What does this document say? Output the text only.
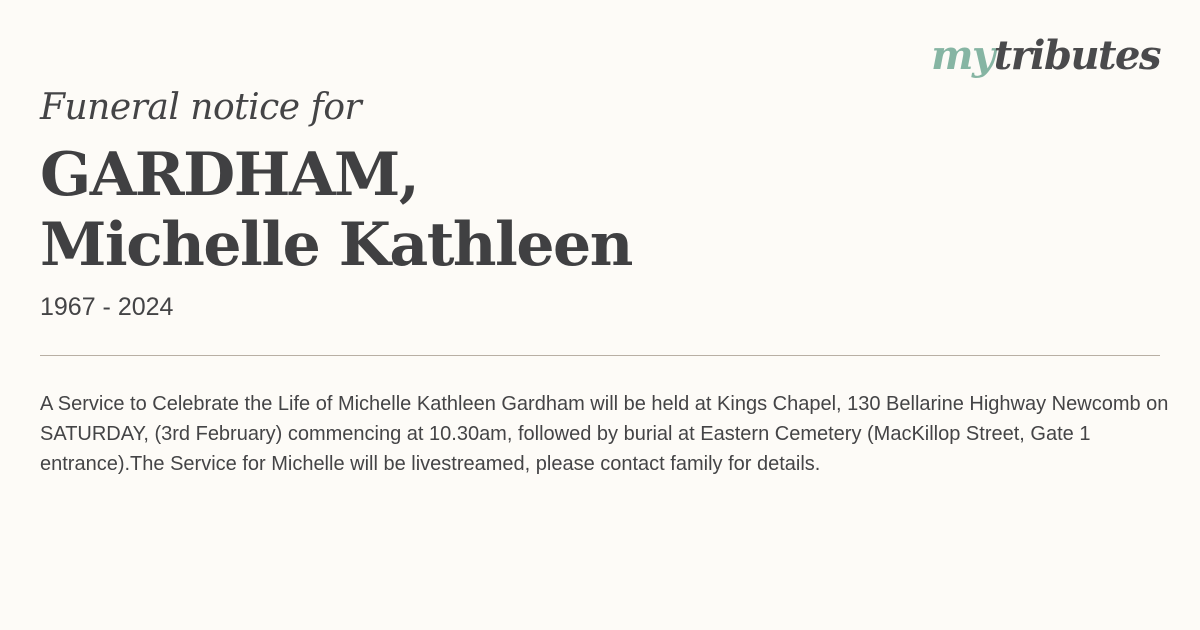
mytributes

Funeral notice for

GARDHAM,
Michelle Kathleen

1967 - 2024

A Service to Celebrate the Life of Michelle Kathleen Gardham will be held at Kings Chapel, 130 Bellarine Highway Newcomb on SATURDAY, (3rd February) commencing at 10.30am, followed by burial at Eastern Cemetery (MacKillop Street, Gate 1 entrance).The Service for Michelle will be livestreamed, please contact family for details.
